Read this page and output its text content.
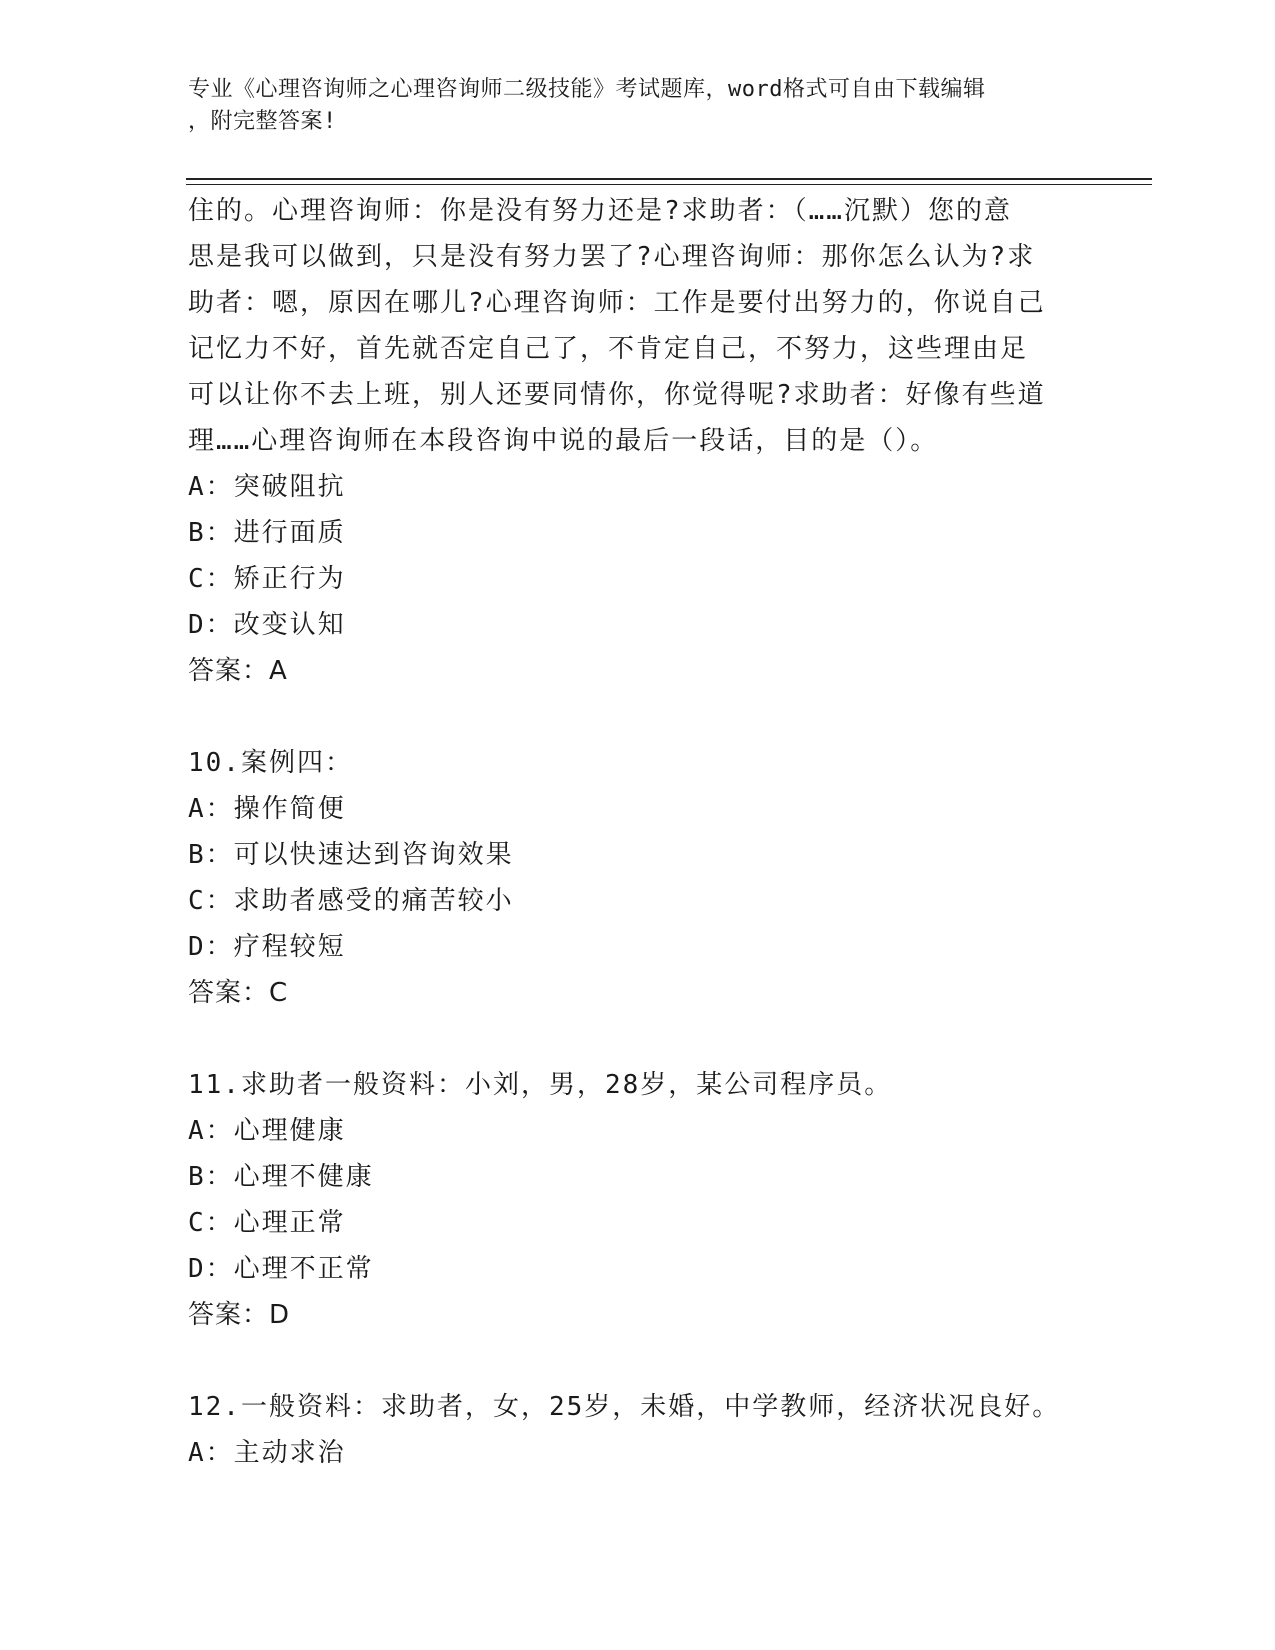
专业《心理咨询师之心理咨询师二级技能》考试题库，word格式可自由下载编辑
，附完整答案!
住的。心理咨询师：你是没有努力还是?求助者：（……沉默）您的意
思是我可以做到，只是没有努力罢了?心理咨询师：那你怎么认为?求
助者：嗯，原因在哪儿?心理咨询师：工作是要付出努力的，你说自己
记忆力不好，首先就否定自己了，不肯定自己，不努力，这些理由足
可以让你不去上班，别人还要同情你，你觉得呢?求助者：好像有些道
理……心理咨询师在本段咨询中说的最后一段话，目的是（）。
A：突破阻抗
B：进行面质
C：矫正行为
D：改变认知
答案：A
10.案例四：
A：操作简便
B：可以快速达到咨询效果
C：求助者感受的痛苦较小
D：疗程较短
答案：C
11.求助者一般资料：小刘，男，28岁，某公司程序员。
A：心理健康
B：心理不健康
C：心理正常
D：心理不正常
答案：D
12.一般资料：求助者，女，25岁，未婚，中学教师，经济状况良好。
A：主动求治
